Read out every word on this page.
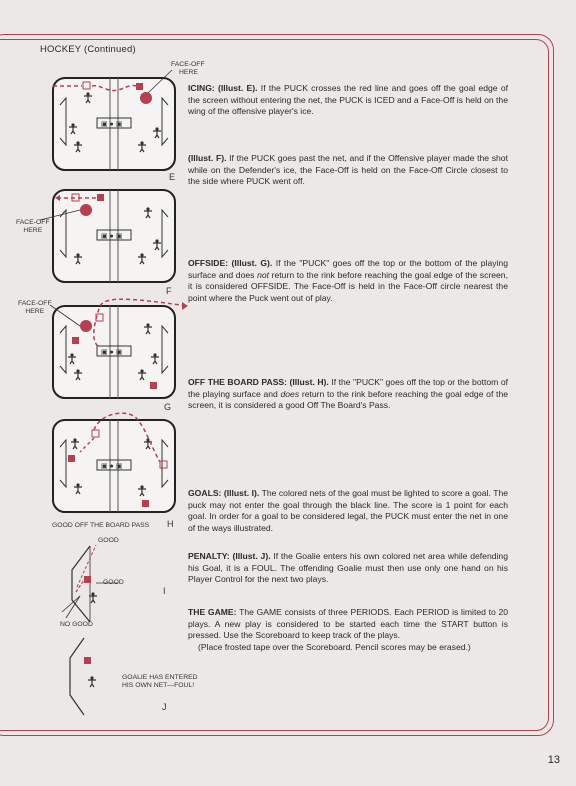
HOCKEY (Continued)
▣ ● ▣
▣ ● ▣
▣ ● ▣
▣ ● ▣
FACE-OFF
HERE
FACE-OFF
HERE
FACE-OFF
HERE
GOOD OFF THE BOARD PASS
GOOD
GOOD
NO GOOD
GOALIE HAS ENTERED
HIS OWN NET—FOUL!
E
F
G
H
I
J
ICING: (Illust. E). If the PUCK crosses the red line and goes off the goal edge of the screen without entering the net, the PUCK is ICED and a Face-Off is held on the wing of the offensive player's ice.
(Illust. F). If the PUCK goes past the net, and if the Offensive player made the shot while on the Defender's ice, the Face-Off is held on the Face-Off Circle closest to the side where PUCK went off.
OFFSIDE: (Illust. G). If the "PUCK" goes off the top or the bottom of the playing surface and does not return to the rink before reaching the goal edge of the screen, it is considered OFFSIDE. The Face-Off is held in the Face-Off circle nearest the point where the Puck went out of play.
OFF THE BOARD PASS: (Illust. H). If the "PUCK" goes off the top or the bottom of the playing surface and does return to the rink before reaching the goal edge of the screen, it is considered a good Off The Board's Pass.
GOALS: (Illust. I). The colored nets of the goal must be lighted to score a goal. The puck may not enter the goal through the black line. The score is 1 point for each goal. In order for a goal to be considered legal, the PUCK must enter the net in one of the ways illustrated.
PENALTY: (Illust. J). If the Goalie enters his own colored net area while defending his Goal, it is a FOUL. The offending Goalie must then use only one hand on his Player Control for the next two plays.
THE GAME: The GAME consists of three PERIODS. Each PERIOD is limited to 20 plays. A new play is considered to be started each time the START button is pressed. Use the Scoreboard to keep track of the plays.
(Place frosted tape over the Scoreboard. Pencil scores may be erased.)
13
